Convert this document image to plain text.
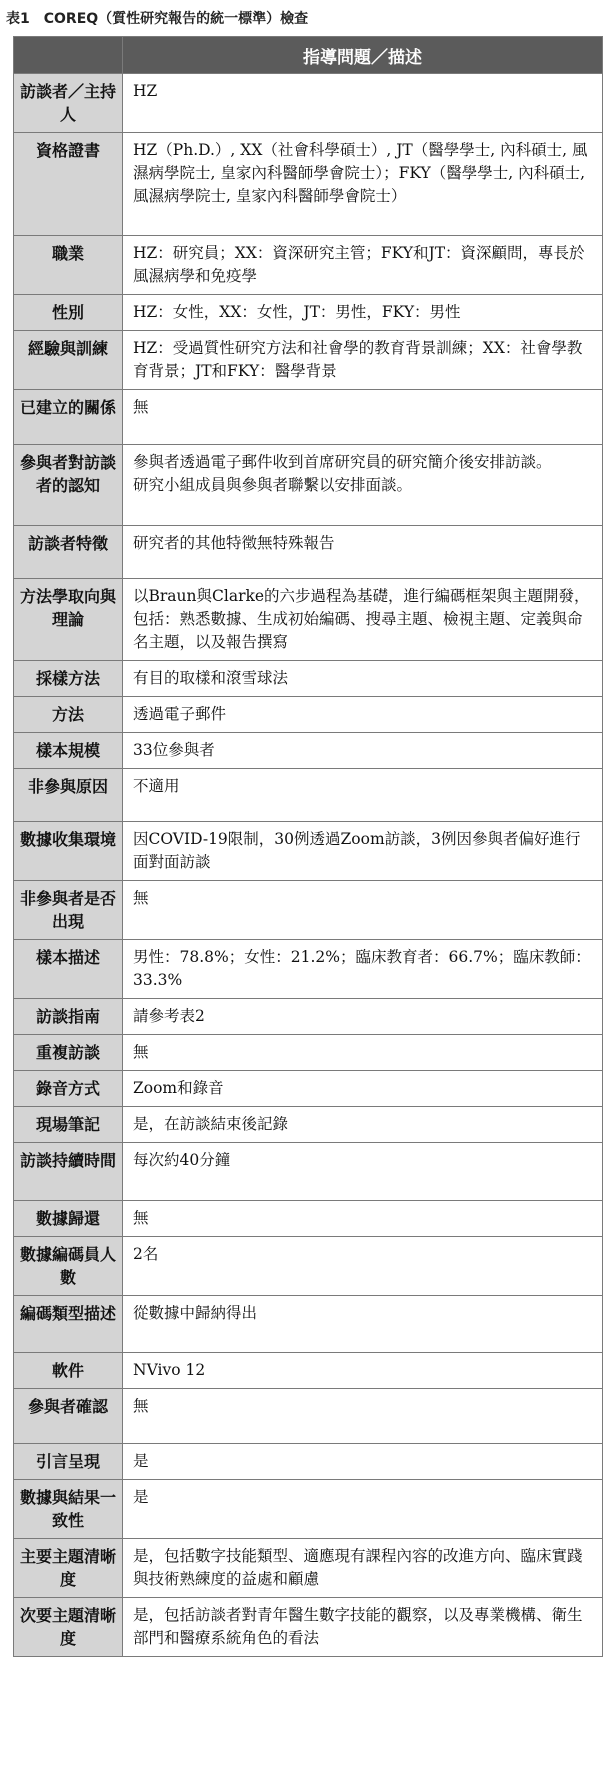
表1　COREQ（質性研究報告的統一標準）檢查
	指導問題／描述
訪談者／主持人	HZ
資格證書	HZ（Ph.D.）, XX（社會科學碩士）, JT（醫學學士, 內科碩士, 風濕病學院士, 皇家內科醫師學會院士）；FKY（醫學學士, 內科碩士, 風濕病學院士, 皇家內科醫師學會院士）
職業	HZ：研究員；XX：資深研究主管；FKY和JT：資深顧問，專長於風濕病學和免疫學
性別	HZ：女性，XX：女性，JT：男性，FKY：男性
經驗與訓練	HZ：受過質性研究方法和社會學的教育背景訓練；XX：社會學教育背景；JT和FKY：醫學背景
已建立的關係	無
參與者對訪談者的認知	參與者透過電子郵件收到首席研究員的研究簡介後安排訪談。
研究小組成員與參與者聯繫以安排面談。
訪談者特徵	研究者的其他特徵無特殊報告
方法學取向與理論	以Braun與Clarke的六步過程為基礎，進行編碼框架與主題開發，包括：熟悉數據、生成初始編碼、搜尋主題、檢視主題、定義與命名主題，以及報告撰寫
採樣方法	有目的取樣和滾雪球法
方法	透過電子郵件
樣本規模	33位參與者
非參與原因	不適用
數據收集環境	因COVID-19限制，30例透過Zoom訪談，3例因參與者偏好進行面對面訪談
非參與者是否出現	無
樣本描述	男性：78.8%；女性：21.2%；臨床教育者：66.7%；臨床教師：33.3%
訪談指南	請參考表2
重複訪談	無
錄音方式	Zoom和錄音
現場筆記	是，在訪談結束後記錄
訪談持續時間	每次約40分鐘
數據歸還	無
數據編碼員人數	2名
編碼類型描述	從數據中歸納得出
軟件	NVivo 12
參與者確認	無
引言呈現	是
數據與結果一致性	是
主要主題清晰度	是，包括數字技能類型、適應現有課程內容的改進方向、臨床實踐與技術熟練度的益處和顧慮
次要主題清晰度	是，包括訪談者對青年醫生數字技能的觀察，以及專業機構、衛生部門和醫療系統角色的看法
